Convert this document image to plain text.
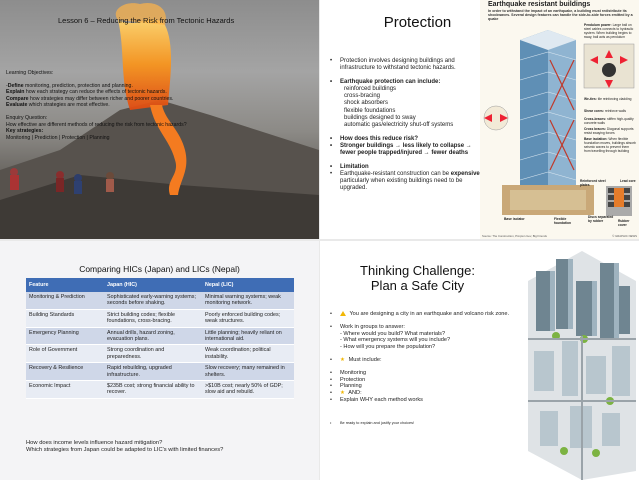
Lesson 6 – Reducing the Risk from Tectonic Hazards
Learning Objectives:
-Define monitoring, prediction, protection and planning.
Explain how each strategy can reduce the effects of tectonic hazards.
Compare how strategies may differ between richer and poorer countries.
Evaluate which strategies are most effective.
Enquiry Question:
How effective are different methods of reducing the risk from tectonic hazards?
Key strategies:
Monitoring | Prediction | Protection | Planning
Protection
• Protection involves designing buildings and infrastructure to withstand tectonic hazards.
• Earthquake protection can include:
reinforced buildings
cross-bracing
shock absorbers
flexible foundations
buildings designed to sway
automatic gas/electricity shut-off systems
• How does this reduce risk?
• Stronger buildings → less likely to collapse → fewer people trapped/injured → fewer deaths
• Limitation
• Earthquake-resistant construction can be expensive particularly when existing buildings need to be upgraded.
Earthquake resistant buildings
In order to withstand the impact of an earthquake, a building must redistribute its shockwaves. Several design features can handle the side-to-side forces emitted by a quake
Pendulum power: Large ball on steel cables connects to hydraulic system. When building begins to sway, ball acts as pendulum
We-ties: tile reinforcing cladding
Shear cores: reinforce walls
Cross-braces: stiffen high-quality concrete walls
Cross braces: Diagonal supports resist swaying forces
Base isolation: When flexible foundation moves, buildings absorb seismic waves to prevent them from travelling through building
Reinforced steel plates
Lead core
Base isolator	Flexible foundation
Discs separated by rubber	Rubber cover
Source: The Construction, Pimpton Gov, Big Friends	© GRAPHIC NEWS
Comparing HICs (Japan) and LICs (Nepal)
Feature	Japan (HIC)	Nepal (LIC)
Monitoring & Prediction	Sophisticated early-warning systems; seconds before shaking.	Minimal warning systems; weak monitoring network.
Building Standards	Strict building codes; flexible foundations, cross-bracing.	Poorly enforced building codes; weak structures.
Emergency Planning	Annual drills, hazard zoning, evacuation plans.	Little planning; heavily reliant on international aid.
Role of Government	Strong coordination and preparedness.	Weak coordination; political instability.
Recovery & Resilience	Rapid rebuilding, upgraded infrastructure.	Slow recovery; many remained in shelters.
Economic Impact	$235B cost; strong financial ability to recover.	>$10B cost; nearly 50% of GDP; slow aid and rebuild.
How does income levels influence hazard mitigation?
Which strategies from Japan could be adapted to LIC's with limited finances?
Thinking Challenge:
Plan a Safe City
• You are designing a city in an earthquake and volcano risk zone.
• Work in groups to answer:
- Where would you build? What materials?
- What emergency systems will you include?
- How will you prepare the population?
• ★ Must include:
• Monitoring
• Protection
• Planning
• ★ AND:
• Explain WHY each method works
• Be ready to explain and justify your choices!
